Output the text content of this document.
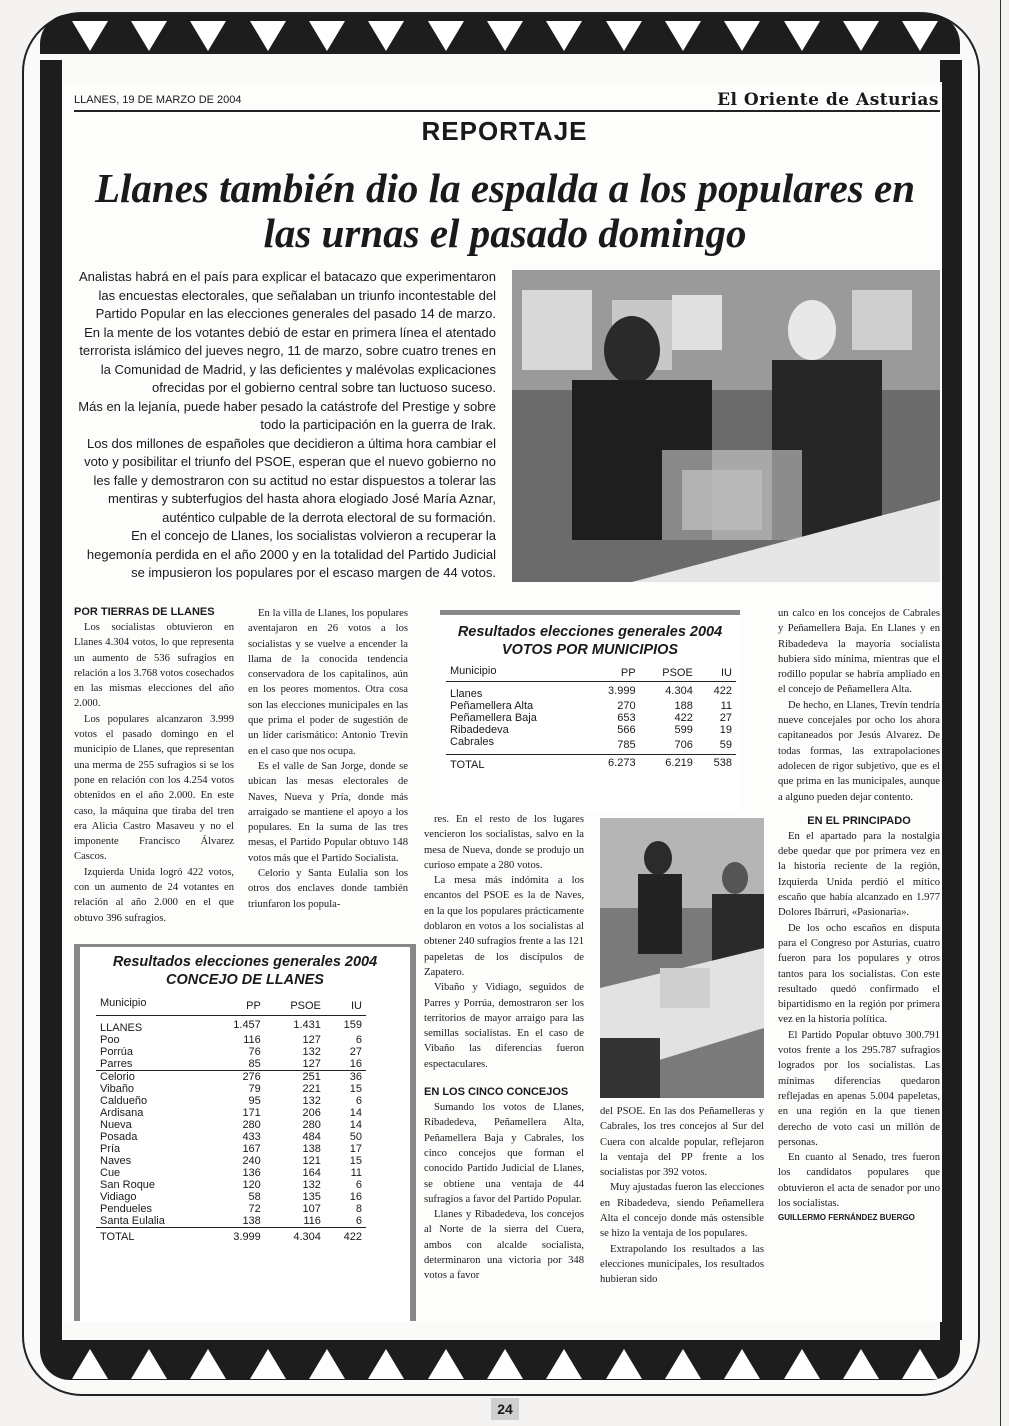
LLANES, 19 DE MARZO DE 2004	El Oriente de Asturias
REPORTAJE
Llanes también dio la espalda a los populares en las urnas el pasado domingo

Analistas habrá en el país para explicar el batacazo que experimentaron las encuestas electorales, que señalaban un triunfo incontestable del Partido Popular en las elecciones generales del pasado 14 de marzo.

En la mente de los votantes debió de estar en primera línea el atentado terrorista islámico del jueves negro, 11 de marzo, sobre cuatro trenes en la Comunidad de Madrid, y las deficientes y malévolas explicaciones ofrecidas por el gobierno central sobre tan luctuoso suceso.

Más en la lejanía, puede haber pesado la catástrofe del Prestige y sobre todo la participación en la guerra de Irak.

Los dos millones de españoles que decidieron a última hora cambiar el voto y posibilitar el triunfo del PSOE, esperan que el nuevo gobierno no les falle y demostraron con su actitud no estar dispuestos a tolerar las mentiras y subterfugios del hasta ahora elogiado José María Aznar, auténtico culpable de la derrota electoral de su formación.

En el concejo de Llanes, los socialistas volvieron a recuperar la hegemonía perdida en el año 2000 y en la totalidad del Partido Judicial se impusieron los populares por el escaso margen de 44 votos.

POR TIERRAS DE LLANES

Los socialistas obtuvieron en Llanes 4.304 votos, lo que representa un aumento de 536 sufragios en relación a los 3.768 votos cosechados en las mismas elecciones del año 2.000.

Los populares alcanzaron 3.999 votos el pasado domingo en el municipio de Llanes, que representan una merma de 255 sufragios si se los pone en relación con los 4.254 votos obtenidos en el año 2.000. En este caso, la máquina que tiraba del tren era Alicia Castro Masaveu y no el imponente Francisco Álvarez Cascos.

Izquierda Unida logró 422 votos, con un aumento de 24 votantes en relación al año 2.000 en el que obtuvo 396 sufragios.

En la villa de Llanes, los populares aventajaron en 26 votos a los socialistas y se vuelve a encender la llama de la conocida tendencia conservadora de los capitalinos, aún en los peores momentos. Otra cosa son las elecciones municipales en las que prima el poder de sugestión de un líder carismático: Antonio Trevín en el caso que nos ocupa.

Es el valle de San Jorge, donde se ubican las mesas electorales de Naves, Nueva y Pría, donde más arraigado se mantiene el apoyo a los populares. En la suma de las tres mesas, el Partido Popular obtuvo 148 votos más que el Partido Socialista.

Celorio y Santa Eulalia son los otros dos enclaves donde también triunfaron los popula-

Resultados elecciones generales 2004
VOTOS POR MUNICIPIOS
Municipio	PP	PSOE	IU
Llanes	3.999	4.304	422
Peñamellera Alta	270	188	11
Peñamellera Baja	653	422	27
Ribadedeva	566	599	19
Cabrales	785	706	59
TOTAL	6.273	6.219	538

res. En el resto de los lugares vencieron los socialistas, salvo en la mesa de Nueva, donde se produjo un curioso empate a 280 votos.

La mesa más indómita a los encantos del PSOE es la de Naves, en la que los populares prácticamente doblaron en votos a los socialistas al obtener 240 sufragios frente a las 121 papeletas de los discípulos de Zapatero.

Vibaño y Vidiago, seguidos de Parres y Porrúa, demostraron ser los territorios de mayor arraigo para las semillas socialistas. En el caso de Vibaño las diferencias fueron espectaculares.

EN LOS CINCO CONCEJOS

Sumando los votos de Llanes, Ribadedeva, Peñamellera Alta, Peñamellera Baja y Cabrales, los cinco concejos que forman el conocido Partido Judicial de Llanes, se obtiene una ventaja de 44 sufragios a favor del Partido Popular.

Llanes y Ribadedeva, los concejos al Norte de la sierra del Cuera, ambos con alcalde socialista, determinaron una victoria por 348 votos a favor

del PSOE. En las dos Peñamelleras y Cabrales, los tres concejos al Sur del Cuera con alcalde popular, reflejaron la ventaja del PP frente a los socialistas por 392 votos.

Muy ajustadas fueron las elecciones en Ribadedeva, siendo Peñamellera Alta el concejo donde más ostensible se hizo la ventaja de los populares.

Extrapolando los resultados a las elecciones municipales, los resultados hubieran sido

un calco en los concejos de Cabrales y Peñamellera Baja. En Llanes y en Ribadedeva la mayoría socialista hubiera sido mínima, mientras que el rodillo popular se habría ampliado en el concejo de Peñamellera Alta.

De hecho, en Llanes, Trevín tendría nueve concejales por ocho los ahora capitaneados por Jesús Alvarez. De todas formas, las extrapolaciones adolecen de rigor subjetivo, que es el que prima en las municipales, aunque a alguno pueden dejar contento.

EN EL PRINCIPADO

En el apartado para la nostalgia debe quedar que por primera vez en la historia reciente de la región, Izquierda Unida perdió el mítico escaño que había alcanzado en 1.977 Dolores Ibárruri, «Pasionaria».

De los ocho escaños en disputa para el Congreso por Asturias, cuatro fueron para los populares y otros tantos para los socialistas. Con este resultado quedó confirmado el bipartidismo en la región por primera vez en la historia política.

El Partido Popular obtuvo 300.791 votos frente a los 295.787 sufragios logrados por los socialistas. Las mínimas diferencias quedaron reflejadas en apenas 5.004 papeletas, en una región en la que tienen derecho de voto casi un millón de personas.

En cuanto al Senado, tres fueron los candidatos populares que obtuvieron el acta de senador por uno los socialistas.

GUILLERMO FERNÁNDEZ BUERGO
Resultados elecciones generales 2004
CONCEJO DE LLANES
Municipio	PP	PSOE	IU
LLANES	1.457	1.431	159
Poo	116	127	6
Porrúa	76	132	27
Parres	85	127	16
Celorio	276	251	36
Vibaño	79	221	15
Caldueño	95	132	6
Ardisana	171	206	14
Nueva	280	280	14
Posada	433	484	50
Pría	167	138	17
Naves	240	121	15
Cue	136	164	11
San Roque	120	132	6
Vidiago	58	135	16
Pendueles	72	107	8
Santa Eulalia	138	116	6
TOTAL	3.999	4.304	422
24
